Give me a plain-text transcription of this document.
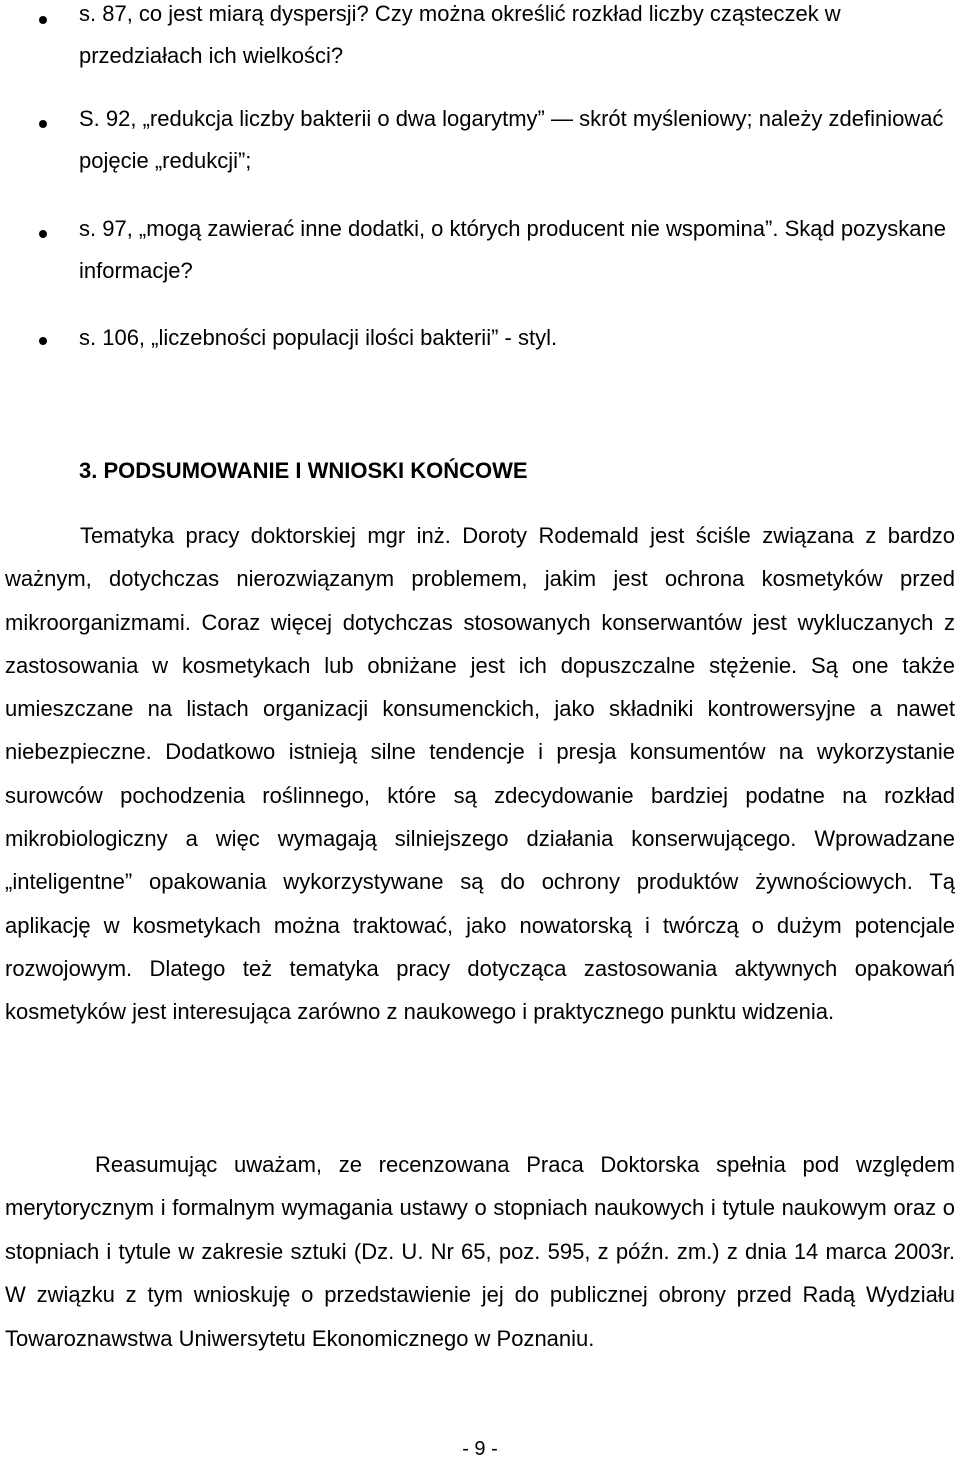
s. 87, co jest miarą dyspersji? Czy można określić rozkład liczby cząsteczek w przedziałach ich wielkości?
S. 92, „redukcja liczby bakterii o dwa logarytmy” — skrót myśleniowy; należy zdefiniować pojęcie „redukcji”;
s. 97, „mogą zawierać inne dodatki, o których producent nie wspomina”. Skąd pozyskane informacje?
s. 106, „liczebności populacji ilości bakterii” - styl.
3. PODSUMOWANIE I WNIOSKI KOŃCOWE

Tematyka pracy doktorskiej mgr inż. Doroty Rodemald jest ściśle związana z bardzo ważnym, dotychczas nierozwiązanym problemem, jakim jest ochrona kosmetyków przed mikroorganizmami. Coraz więcej dotychczas stosowanych konserwantów jest wykluczanych z zastosowania w kosmetykach lub obniżane jest ich dopuszczalne stężenie. Są one także umieszczane na listach organizacji konsumenckich, jako składniki kontrowersyjne a nawet niebezpieczne. Dodatkowo istnieją silne tendencje i presja konsumentów na wykorzystanie surowców pochodzenia roślinnego, które są zdecydowanie bardziej podatne na rozkład mikrobiologiczny a więc wymagają silniejszego działania konserwującego. Wprowadzane „inteligentne” opakowania wykorzystywane są do ochrony produktów żywnościowych. Tą aplikację w kosmetykach można traktować, jako nowatorską i twórczą o dużym potencjale rozwojowym. Dlatego też tematyka pracy dotycząca zastosowania aktywnych opakowań kosmetyków jest interesująca zarówno z naukowego i praktycznego punktu widzenia.

Reasumując uważam, ze recenzowana Praca Doktorska spełnia pod względem merytorycznym i formalnym wymagania ustawy o stopniach naukowych i tytule naukowym oraz o stopniach i tytule w zakresie sztuki (Dz. U. Nr 65, poz. 595, z późn. zm.) z dnia 14 marca 2003r. W związku z tym wnioskuję o przedstawienie jej do publicznej obrony przed Radą Wydziału Towaroznawstwa Uniwersytetu Ekonomicznego w Poznaniu.

- 9 -
